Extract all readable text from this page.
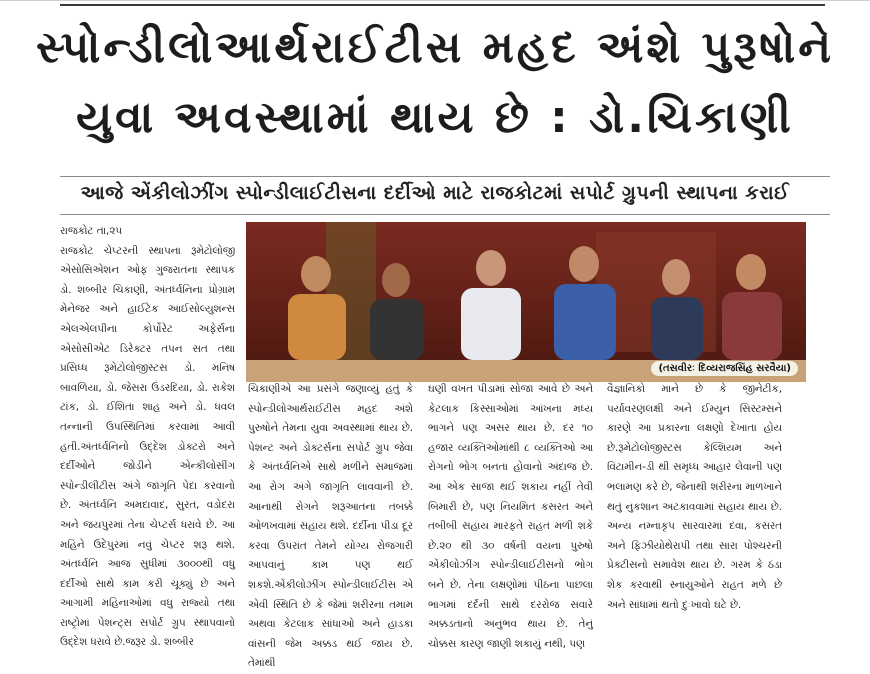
સ્પોન્ડીલોઆર્થરાઈટીસ મહદ અંશે પુરૂષોને
યુવા અવસ્થામાં થાય છે : ડો.ચિકાણી
આજે એંકીલોઝીંગ સ્પોન્ડીલાઈટીસના દર્દીઓ માટે રાજકોટમાં સપોર્ટ ગ્રુપની સ્થાપના કરાઈ

રાજકોટ તા,૨૫

રાજકોટ ચેપ્ટરની સ્થાપના રૂમેટોલોજી એસોસિએશન ઓફ ગુજરાતના સ્થાપક ડો. શબ્બીર ચિકાણી, અંતર્ધ્વનિના પ્રોગ્રામ મેનેજર અને હાઈટેક આઈસોલ્યુશન્સ એલએલપીના કોર્પોરેટ અફેર્સના એસોસીએટ ડિરેક્ટર તપન સત તથા પ્રસિધ્ધ રૂમેટોલોજીસ્ટસ ડો. મનિષ બાવળિયા, ડો. જેસરા ઉંડરદિયા, ડો. રાકેશ ટાંક, ડો. ઈશિતા શાહ અને ડો. ધવલ તન્નાની ઉપસ્થિતિમાં કરવામાં આવી હતી.અંતર્ધ્વનિનો ઉદ્દેશ ડોક્ટરો અને દર્દીઓને જોડીને એન્કીલોસીંગ સ્પોન્ડીલીટીસ અંગે જાગૃતિ પેદા કરવાનો છે. અંતર્ધ્વનિ અમદાવાદ, સુરત, વડોદરા અને જયપુરમાં તેના ચેપ્ટર્સ ધરાવે છે. આ મહિને ઉદેપુરમાં નવું ચેપ્ટર શરૂ થશે. અંતર્ધ્વનિ આજ સુધીમાં ૩૦૦૦થી વધુ દર્દીઓ સાથે કામ કરી ચૂક્યું છે અને આગામી મહિનાઓમાં વધુ રાજ્યો તથા રાષ્ટ્રોમાં પેશન્ટ્સ સપોર્ટ ગ્રુપ સ્થાપવાનો ઉદ્દેશ ધરાવે છે.જરૂર ડો. શબ્બીર

(તસવીરઃ દિવ્યરાજસિંહ સરવૈયા)

ચિકાણીએ આ પ્રસંગે જણાવ્યું હતું કે સ્પોન્ડીલોઆર્થરાઈટીસ મહદ અંશે પુરુષોને તેમના યુવા અવસ્થામાં થાય છે. પેશન્ટ અને ડોક્ટર્સના સપોર્ટ ગ્રુપ જેવા કે અંતર્ધ્વનિએ સાથે મળીને સમાજમાં આ રોગ અંગે જાગૃતિ લાવવાની છે. આનાથી રોગને શરૂઆતના તબક્કે ઓળખવામાં સહાય થશે. દર્દીના પીડા દૂર કરવા ઉપરાંત તેમને યોગ્ય રોજગારી આપવાનું કામ પણ થઈ શકશે.એંકીલોઝીંગ સ્પોન્ડીલાઈટીસ એ એવી સ્થિતિ છે કે જેમાં શરીરના તમામ અથવા કેટલાક સાંધાઓ અને હાડકા વાંસની જેમ અક્કડ થઈ જાય છે. તેમાંથી

ઘણી વખત પીડામાં સોજા આવે છે અને કેટલાક કિસ્સાઓમાં આંખના મધ્ય ભાગને પણ અસર થાય છે. દર ૧૦ હજાર વ્યક્તિઓમાંથી ૮ વ્યક્તિઓ આ રોગનો ભોગ બનતા હોવાનો અંદાજ છે. આ એક સાજા થઈ શકાય નહીં તેવી બિમારી છે, પણ નિયમિત કસરત અને તબીબી સહાય મારફતે રાહત મળી શકે છે.૨૦ થી ૩૦ વર્ષની વયના પુરુષો એંકીલોઝીંગ સ્પોન્ડીલાઈટીસનો ભોગ બને છે. તેના લક્ષણોમાં પીઠના પાછલા ભાગમાં દર્દની સાથે દરરોજ સવારે અક્કડતાનો અનુભવ થાય છે. તેનું ચોક્કસ કારણ જાણી શકાયું નથી, પણ

વૈજ્ઞાનિકો માને છે કે જીનેટીક, પર્યાવરણલક્ષી અને ઈમ્યુન સિસ્ટમ્સને કારણે આ પ્રકારના લક્ષણો દેખાતા હોય છે.રૂમેટોલોજીસ્ટસ કેલ્શિયમ અને વિટામીન-ડી થી સમૃધ્ધ આહાર લેવાની પણ ભલામણ કરે છે, જેનાથી શરીરના માળખાને થતું નુકશાન અટકાવવામાં સહાય થાય છે. અન્ય નમ્નાકૃપ સારવારમાં દવા, કસરત અને ફિઝીયોથેરાપી તથા સારા પોશ્ચરની પ્રેક્ટીસનો સમાવેશ થાય છે. ગરમ કે ઠંડા શેક કરવાથી સ્નાયુઓને રાહત મળે છે અને સાંધામાં થતો દુઃખાવો ઘટે છે.
